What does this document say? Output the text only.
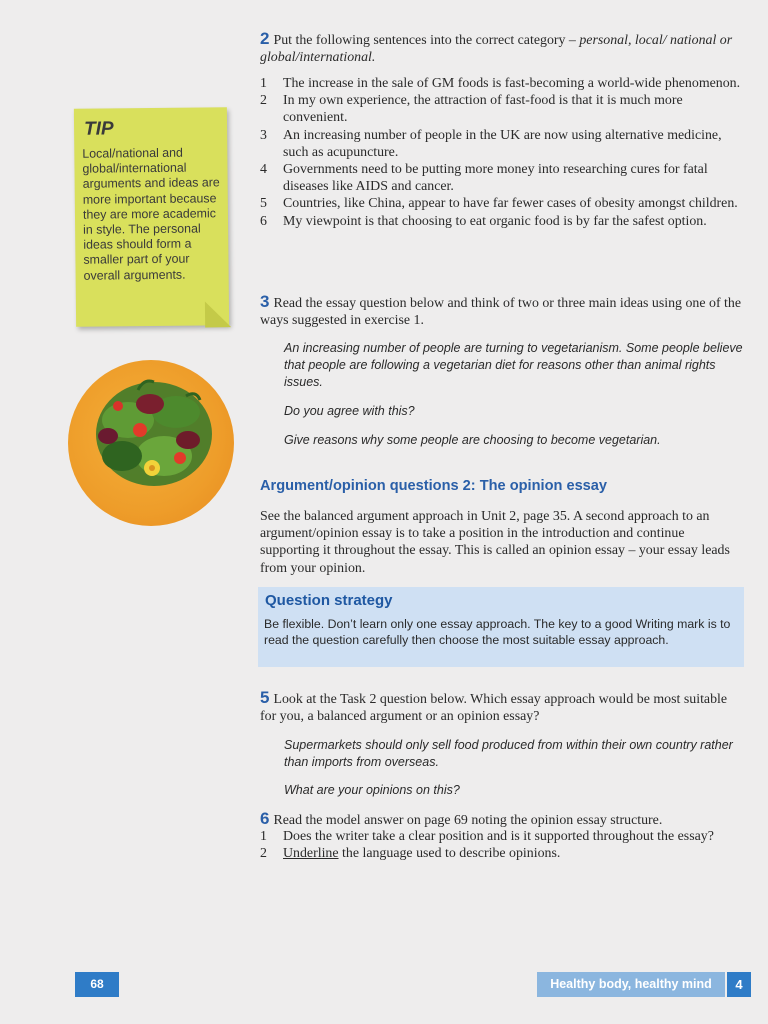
TIP
Local/national and global/international arguments and ideas are more important because they are more academic in style. The personal ideas should form a smaller part of your overall arguments.
2 Put the following sentences into the correct category – personal, local/ national or global/international.
1 The increase in the sale of GM foods is fast-becoming a world-wide phenomenon.
2 In my own experience, the attraction of fast-food is that it is much more convenient.
3 An increasing number of people in the UK are now using alternative medicine, such as acupuncture.
4 Governments need to be putting more money into researching cures for fatal diseases like AIDS and cancer.
5 Countries, like China, appear to have far fewer cases of obesity amongst children.
6 My viewpoint is that choosing to eat organic food is by far the safest option.
3 Read the essay question below and think of two or three main ideas using one of the ways suggested in exercise 1.
An increasing number of people are turning to vegetarianism. Some people believe that people are following a vegetarian diet for reasons other than animal rights issues.
Do you agree with this?
Give reasons why some people are choosing to become vegetarian.
Argument/opinion questions 2: The opinion essay
See the balanced argument approach in Unit 2, page 35. A second approach to an argument/opinion essay is to take a position in the introduction and continue supporting it throughout the essay. This is called an opinion essay – your essay leads from your opinion.
Question strategy
Be flexible. Don’t learn only one essay approach. The key to a good Writing mark is to read the question carefully then choose the most suitable essay approach.
5 Look at the Task 2 question below. Which essay approach would be most suitable for you, a balanced argument or an opinion essay?
Supermarkets should only sell food produced from within their own country rather than imports from overseas.
What are your opinions on this?
6 Read the model answer on page 69 noting the opinion essay structure.
1 Does the writer take a clear position and is it supported throughout the essay?
2 Underline the language used to describe opinions.
68	Healthy body, healthy mind	4
